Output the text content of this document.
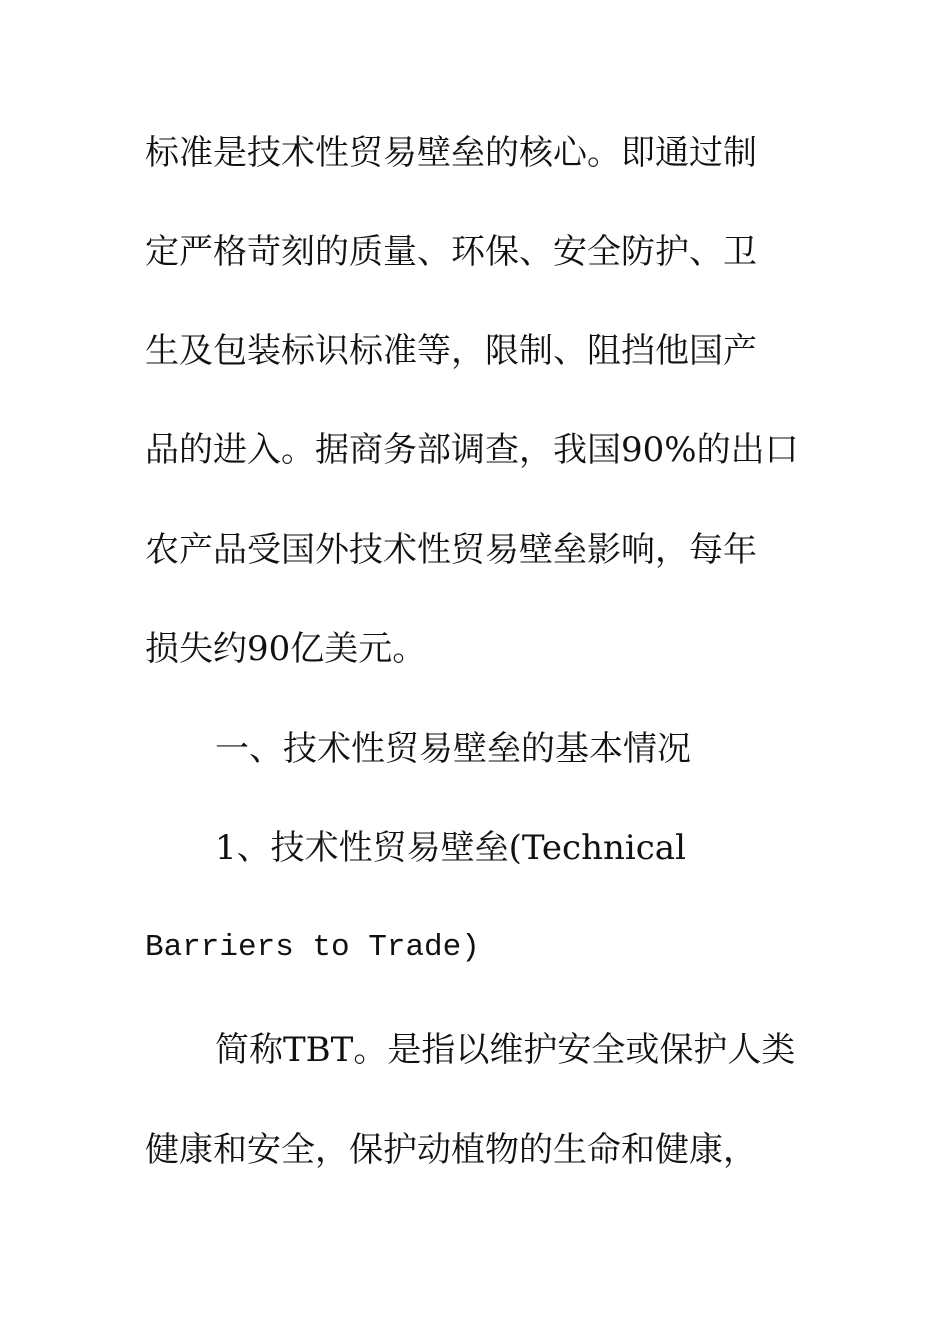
标准是技术性贸易壁垒的核心。即通过制
定严格苛刻的质量、环保、安全防护、卫
生及包装标识标准等，限制、阻挡他国产
品的进入。据商务部调查，我国90%的出口
农产品受国外技术性贸易壁垒影响，每年
损失约90亿美元。
一、技术性贸易壁垒的基本情况
1、技术性贸易壁垒(Technical
Barriers to Trade)
简称TBT。是指以维护安全或保护人类
健康和安全，保护动植物的生命和健康，
